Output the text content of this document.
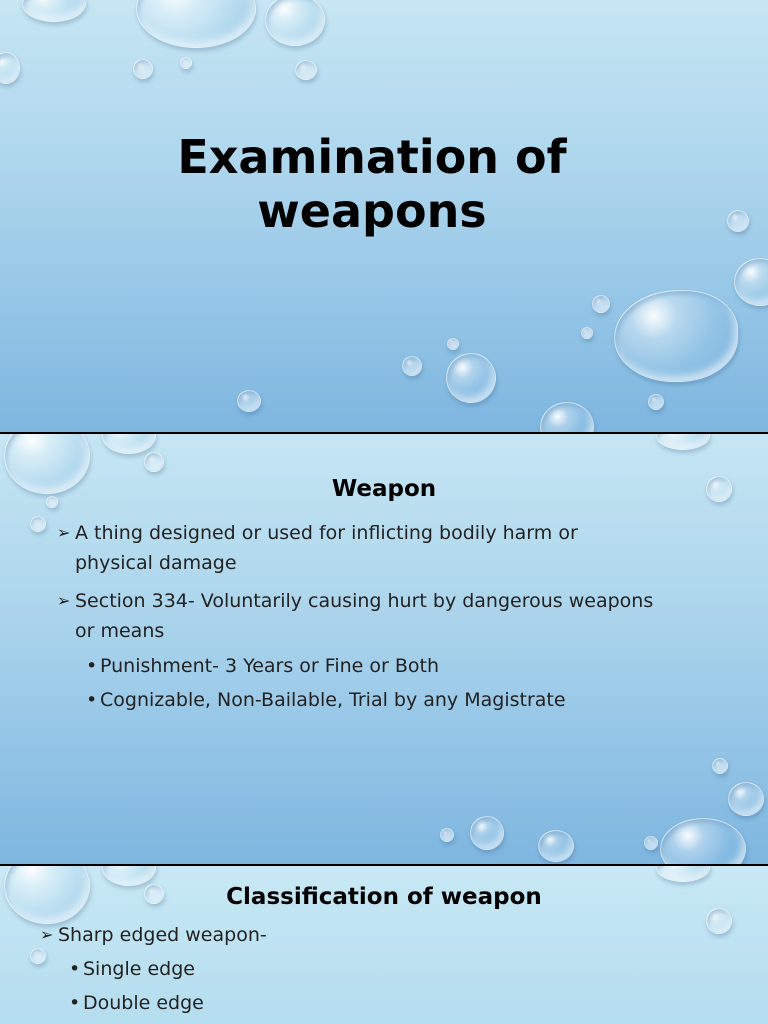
Examination of
weapons
Weapon
➢ A thing designed or used for inflicting bodily harm or
physical damage
➢ Section 334- Voluntarily causing hurt by dangerous weapons
or means
• Punishment- 3 Years or Fine or Both
• Cognizable, Non-Bailable, Trial by any Magistrate
Classification of weapon
➢ Sharp edged weapon-
• Single edge
• Double edge
